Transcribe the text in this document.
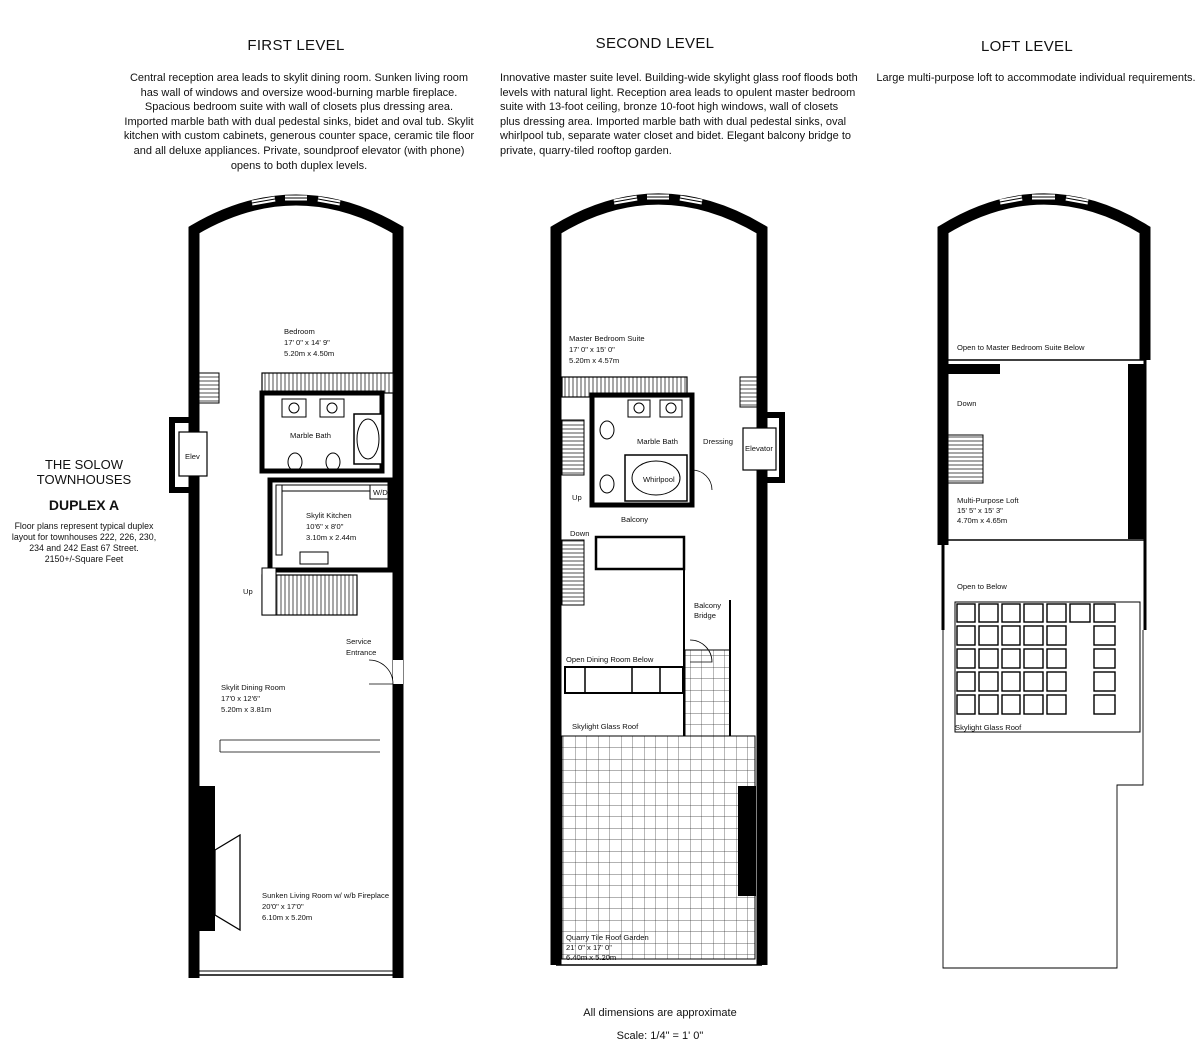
FIRST LEVEL	SECOND LEVEL	LOFT LEVEL
Central reception area leads to skylit dining room. Sunken living room has wall of windows and oversize wood-burning marble fireplace. Spacious bedroom suite with wall of closets plus dressing area. Imported marble bath with dual pedestal sinks, bidet and oval tub. Skylit kitchen with custom cabinets, generous counter space, ceramic tile floor and all deluxe appliances. Private, soundproof elevator (with phone) opens to both duplex levels.
Innovative master suite level. Building-wide skylight glass roof floods both levels with natural light. Reception area leads to opulent master bedroom suite with 13-foot ceiling, bronze 10-foot high windows, wall of closets plus dressing area. Imported marble bath with dual pedestal sinks, oval whirlpool tub, separate water closet and bidet. Elegant balcony bridge to private, quarry-tiled rooftop garden.
Large multi-purpose loft to accommodate individual requirements.
THE SOLOW TOWNHOUSES
DUPLEX A
Floor plans represent typical duplex
layout for townhouses 222, 226, 230,
234 and 242 East 67 Street.
2150+/-Square Feet
All dimensions are approximate
Scale: 1/4" = 1' 0"
Elev
Bedroom
17' 0" x 14' 9"
5.20m x 4.50m
Marble Bath
W/D
Skylit Kitchen
10'6" x 8'0"
3.10m x 2.44m
Up
Service
Entrance
Skylit Dining Room
17'0 x 12'6"
5.20m x 3.81m
Sunken Living Room w/ w/b Fireplace
20'0" x 17'0"
6.10m x 5.20m
Master Bedroom Suite
17' 0" x 15' 0"
5.20m x 4.57m
Marble Bath	Dressing
Elevator
Whirlpool
Up
Balcony
Down
Balcony
Bridge
Open Dining Room Below
Skylight Glass Roof
Quarry Tile Roof Garden
21' 0" x 17' 0"
6.40m x 5.20m
Open to Master Bedroom Suite Below
Down
Multi-Purpose Loft
15' 5" x 15' 3"
4.70m x 4.65m
Open to Below
Skylight Glass Roof
